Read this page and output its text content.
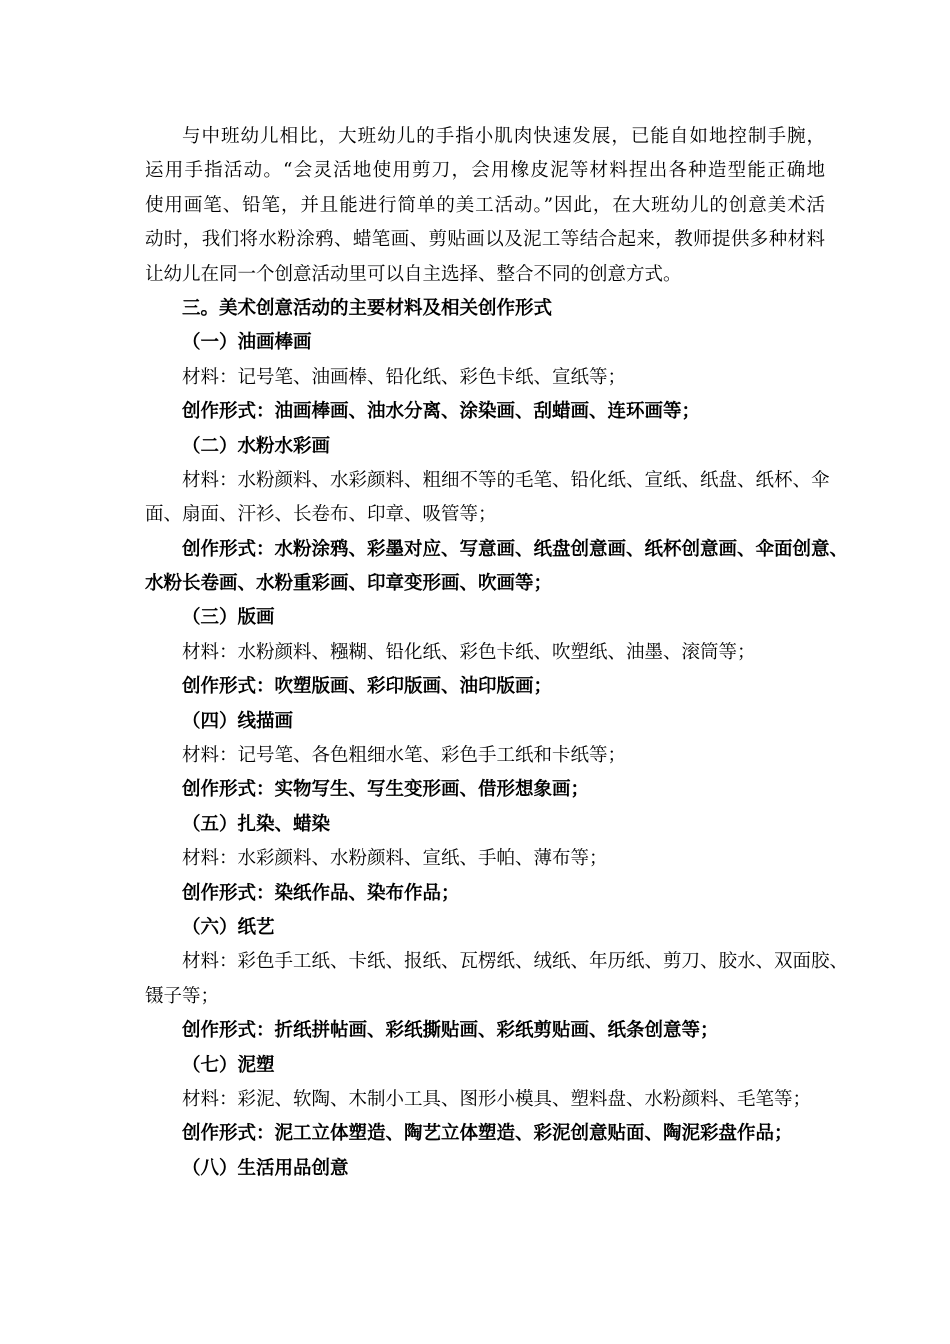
与中班幼儿相比，大班幼儿的手指小肌肉快速发展，已能自如地控制手腕，
运用手指活动。“会灵活地使用剪刀，会用橡皮泥等材料捏出各种造型能正确地
使用画笔、铅笔，并且能进行简单的美工活动。”因此，在大班幼儿的创意美术活
动时，我们将水粉涂鸦、蜡笔画、剪贴画以及泥工等结合起来，教师提供多种材料
让幼儿在同一个创意活动里可以自主选择、整合不同的创意方式。
三。美术创意活动的主要材料及相关创作形式
（一）油画棒画
材料：记号笔、油画棒、铅化纸、彩色卡纸、宣纸等；
创作形式：油画棒画、油水分离、涂染画、刮蜡画、连环画等；
（二）水粉水彩画
材料：水粉颜料、水彩颜料、粗细不等的毛笔、铅化纸、宣纸、纸盘、纸杯、伞
面、扇面、汗衫、长卷布、印章、吸管等；
创作形式：水粉涂鸦、彩墨对应、写意画、纸盘创意画、纸杯创意画、伞面创意、
水粉长卷画、水粉重彩画、印章变形画、吹画等；
（三）版画
材料：水粉颜料、糨糊、铅化纸、彩色卡纸、吹塑纸、油墨、滚筒等；
创作形式：吹塑版画、彩印版画、油印版画；
（四）线描画
材料：记号笔、各色粗细水笔、彩色手工纸和卡纸等；
创作形式：实物写生、写生变形画、借形想象画；
（五）扎染、蜡染
材料：水彩颜料、水粉颜料、宣纸、手帕、薄布等；
创作形式：染纸作品、染布作品；
（六）纸艺
材料：彩色手工纸、卡纸、报纸、瓦楞纸、绒纸、年历纸、剪刀、胶水、双面胶、
镊子等；
创作形式：折纸拼帖画、彩纸撕贴画、彩纸剪贴画、纸条创意等；
（七）泥塑
材料：彩泥、软陶、木制小工具、图形小模具、塑料盘、水粉颜料、毛笔等；
创作形式：泥工立体塑造、陶艺立体塑造、彩泥创意贴面、陶泥彩盘作品；
（八）生活用品创意
